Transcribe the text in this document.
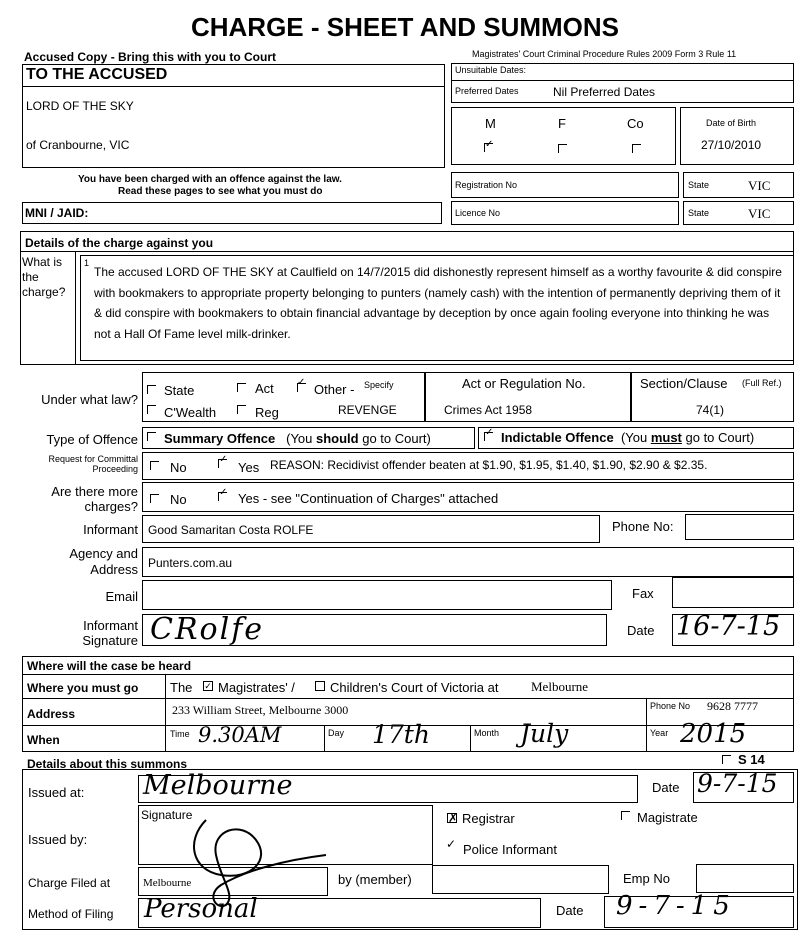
CHARGE - SHEET AND SUMMONS
Accused Copy - Bring this with you to Court	Magistrates' Court Criminal Procedure Rules 2009 Form 3 Rule 11
TO THE ACCUSED
LORD OF THE SKY
of Cranbourne, VIC
You have been charged with an offence against the law.
Read these pages to see what you must do
MNI / JAID:
Unsuitable Dates:
Preferred Dates	Nil Preferred Dates
M	F	Co
✓
Date of Birth
27/10/2010
Registration No	State	VIC
Licence No	State	VIC
Details of the charge against you
What is the charge?
1
The accused LORD OF THE SKY at Caulfield on 14/7/2015 did dishonestly represent himself as a worthy favourite & did conspire with bookmakers to appropriate property belonging to punters (namely cash) with the intention of permanently depriving them of it & did conspire with bookmakers to obtain financial advantage by deception by once again fooling everyone into thinking he was not a Hall Of Fame level milk-drinker.
Under what law?
State	Act ✓ Other - Specify
C'Wealth	Reg	REVENGE
Act or Regulation No.
Crimes Act 1958
Section/Clause (Full Ref.)
74(1)
Type of Offence Summary Offence (You should go to Court)	✓ Indictable Offence (You must go to Court)
Request for Committal Proceeding No
✓
Yes REASON: Recidivist offender beaten at $1.90, $1.95, $1.40, $1.90, $2.90 & $2.35.
Are there more charges? No	✓ Yes - see "Continuation of Charges" attached
Informant Good Samaritan Costa ROLFE	Phone No:
Agency and Address Punters.com.au
Email	Fax
Informant Signature CRolfe	Date 16-7-15
Where will the case be heard
Where you must go The ✓ Magistrates' /	Children's Court of Victoria at	Melbourne
Address	233 William Street, Melbourne 3000	Phone No 9628 7777
When	Time 9.30AM	Day 17th	Month July	Year 2015
Details about this summons	S 14
Issued at: Melbourne	Date 9-7-15
Issued by:
Signature	✗ Registrar	Magistrate
✓ Police Informant
Charge Filed at	Melbourne	by (member)	Emp No
Method of Filing Personal	Date 9-7-15
